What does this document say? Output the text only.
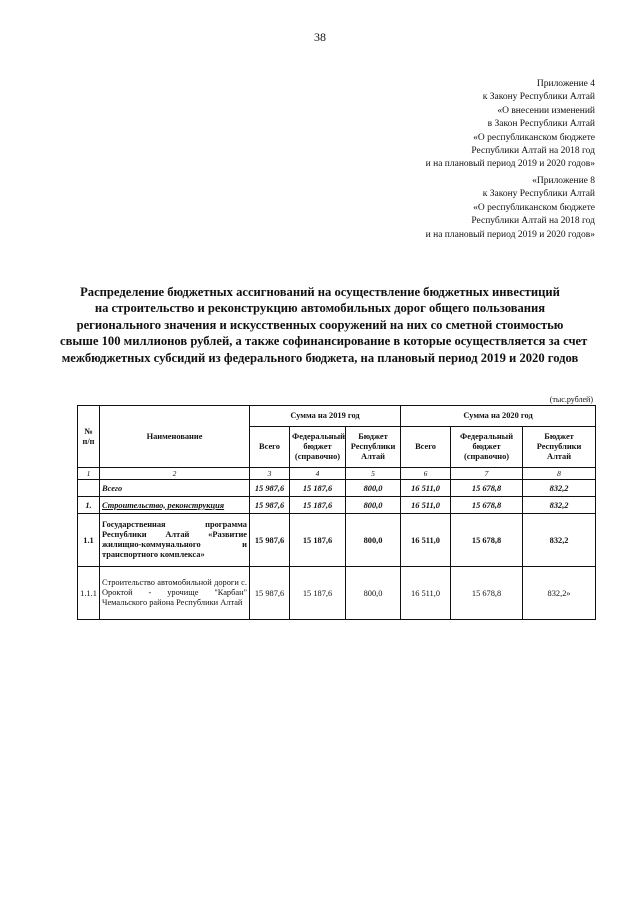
38
Приложение 4
к Закону Республики Алтай
«О внесении изменений
в Закон Республики Алтай
«О республиканском бюджете
Республики Алтай на 2018 год
и на плановый период 2019 и 2020 годов»
«Приложение 8
к Закону Республики Алтай
«О республиканском бюджете
Республики Алтай на 2018 год
и на плановый период 2019 и 2020 годов»
Распределение бюджетных ассигнований на осуществление бюджетных инвестиций
на строительство и реконструкцию автомобильных дорог общего пользования
регионального значения и искусственных сооружений на них со сметной стоимостью
свыше 100 миллионов рублей, а также софинансирование в которые осуществляется за счет
межбюджетных субсидий из федерального бюджета, на плановый период 2019 и 2020 годов
(тыс.рублей)
№ п/п	Наименование	Сумма на 2019 год			Сумма на 2020 год		
		Всего	Федеральный бюджет (справочно)	Бюджет Республики Алтай	Всего	Федеральный бюджет (справочно)	Бюджет Республики Алтай
1	2	3	4	5	6	7	8
	Всего	15 987,6	15 187,6	800,0	16 511,0	15 678,8	832,2
1.	Строительство, реконструкция	15 987,6	15 187,6	800,0	16 511,0	15 678,8	832,2
1.1	Государственная программа Республики Алтай «Развитие жилищно-коммунального и транспортного комплекса»	15 987,6	15 187,6	800,0	16 511,0	15 678,8	832,2
1.1.1	Строительство автомобильной дороги с. Ороктой - урочище "Карбан" Чемальского района Республики Алтай	15 987,6	15 187,6	800,0	16 511,0	15 678,8	832,2»
